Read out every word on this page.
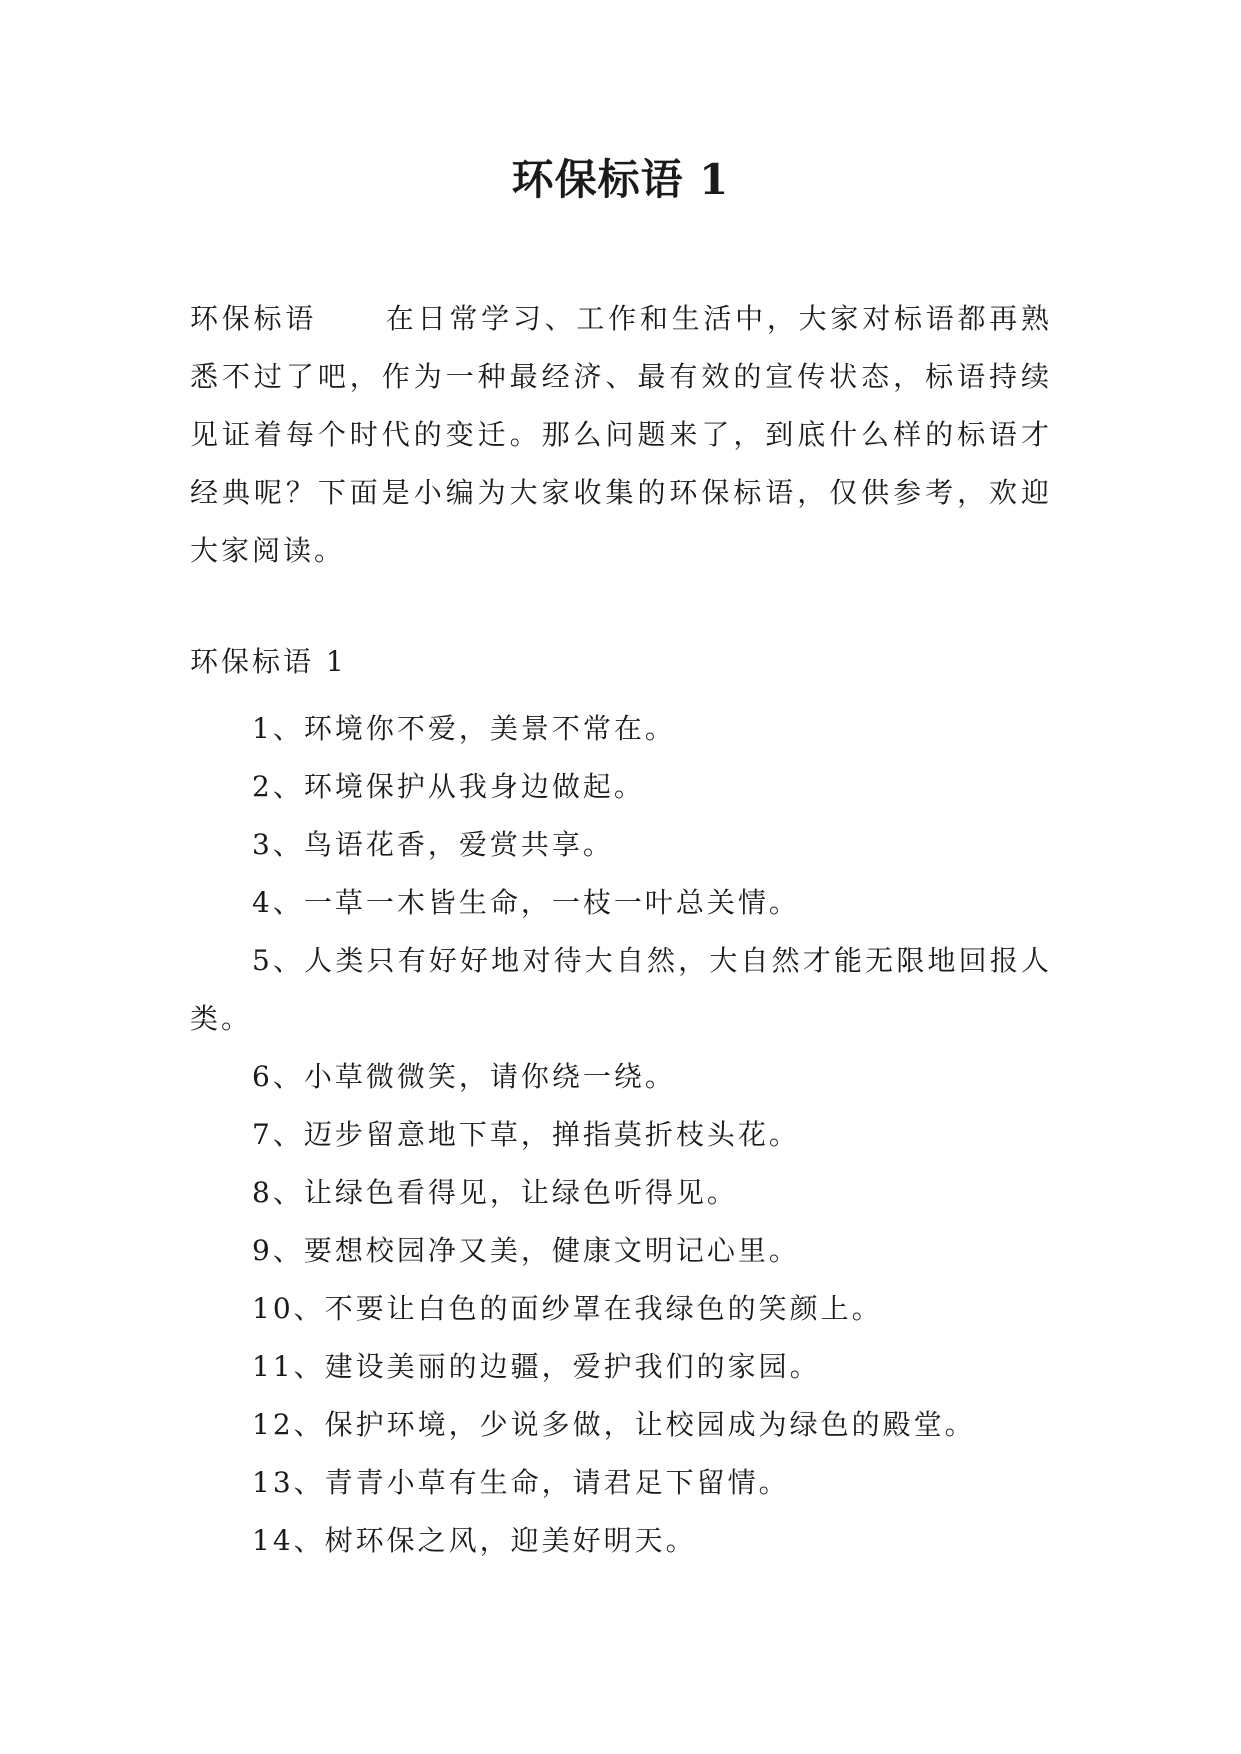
环保标语 1

环保标语 在日常学习、工作和生活中，大家对标语都再熟悉不过了吧，作为一种最经济、最有效的宣传状态，标语持续见证着每个时代的变迁。那么问题来了，到底什么样的标语才经典呢？下面是小编为大家收集的环保标语，仅供参考，欢迎大家阅读。

环保标语 1
1、环境你不爱，美景不常在。
2、环境保护从我身边做起。
3、鸟语花香，爱赏共享。
4、一草一木皆生命，一枝一叶总关情。
5、人类只有好好地对待大自然，大自然才能无限地回报人类。
6、小草微微笑，请你绕一绕。
7、迈步留意地下草，掸指莫折枝头花。
8、让绿色看得见，让绿色听得见。
9、要想校园净又美，健康文明记心里。
10、不要让白色的面纱罩在我绿色的笑颜上。
11、建设美丽的边疆，爱护我们的家园。
12、保护环境，少说多做，让校园成为绿色的殿堂。
13、青青小草有生命，请君足下留情。
14、树环保之风，迎美好明天。
